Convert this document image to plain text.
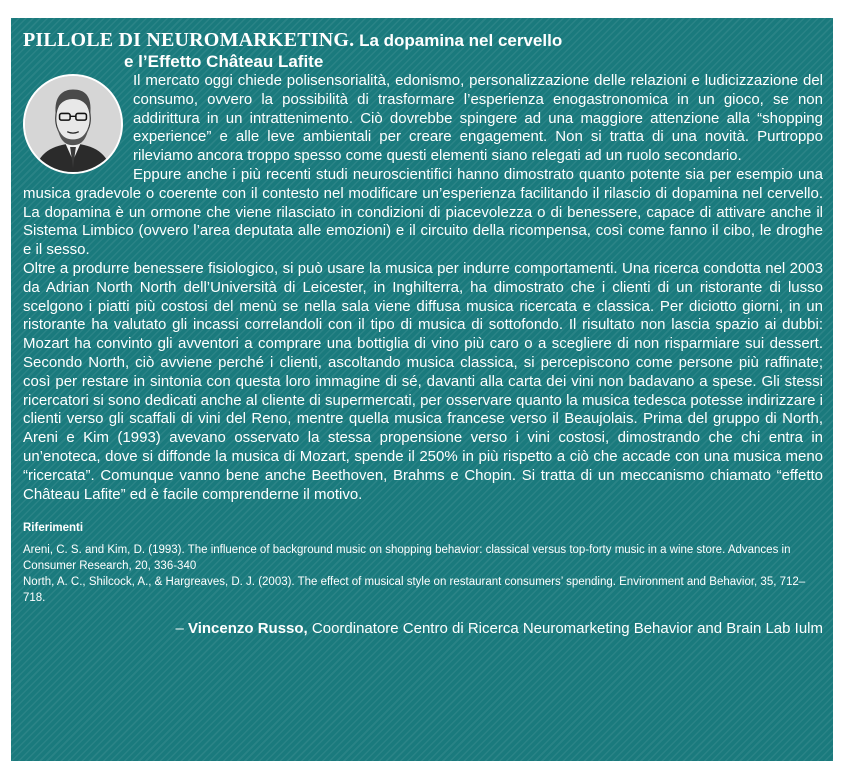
PILLOLE DI NEUROMARKETING. La dopamina nel cervello
e l’Effetto Château Lafite

Il mercato oggi chiede polisensorialità, edonismo, personalizzazione delle relazioni e ludicizzazione del consumo, ovvero la possibilità di trasformare l’esperienza enogastronomica in un gioco, se non addirittura in un intrattenimento. Ciò dovrebbe spingere ad una maggiore attenzione alla “shopping experience” e alle leve ambientali per creare engagement. Non si tratta di una novità. Purtroppo rileviamo ancora troppo spesso come questi elementi siano relegati ad un ruolo secondario.

Eppure anche i più recenti studi neuroscientifici hanno dimostrato quanto potente sia per esempio una musica gradevole o coerente con il contesto nel modificare un’esperienza facilitando il rilascio di dopamina nel cervello. La dopamina è un ormone che viene rilasciato in condizioni di piacevolezza o di benessere, capace di attivare anche il Sistema Limbico (ovvero l’area deputata alle emozioni) e il circuito della ricompensa, così come fanno il cibo, le droghe e il sesso.

Oltre a produrre benessere fisiologico, si può usare la musica per indurre comportamenti. Una ricerca condotta nel 2003 da Adrian North North dell’Università di Leicester, in Inghilterra, ha dimostrato che i clienti di un ristorante di lusso scelgono i piatti più costosi del menù se nella sala viene diffusa musica ricercata e classica. Per diciotto giorni, in un ristorante ha valutato gli incassi correlandoli con il tipo di musica di sottofondo. Il risultato non lascia spazio ai dubbi: Mozart ha convinto gli avventori a comprare una bottiglia di vino più caro o a scegliere di non risparmiare sui dessert. Secondo North, ciò avviene perché i clienti, ascoltando musica classica, si percepiscono come persone più raffinate; così per restare in sintonia con questa loro immagine di sé, davanti alla carta dei vini non badavano a spese. Gli stessi ricercatori si sono dedicati anche al cliente di supermercati, per osservare quanto la musica tedesca potesse indirizzare i clienti verso gli scaffali di vini del Reno, mentre quella musica francese verso il Beaujolais. Prima del gruppo di North, Areni e Kim (1993) avevano osservato la stessa propensione verso i vini costosi, dimostrando che chi entra in un’enoteca, dove si diffonde la musica di Mozart, spende il 250% in più rispetto a ciò che accade con una musica meno “ricercata”. Comunque vanno bene anche Beethoven, Brahms e Chopin. Si tratta di un meccanismo chiamato “effetto Château Lafite” ed è facile comprenderne il motivo.

Riferimenti

Areni, C. S. and Kim, D. (1993). The influence of background music on shopping behavior: classical versus top-forty music in a wine store. Advances in Consumer Research, 20, 336-340

North, A. C., Shilcock, A., & Hargreaves, D. J. (2003). The effect of musical style on restaurant consumers’ spending. Environment and Behavior, 35, 712–718.

– Vincenzo Russo, Coordinatore Centro di Ricerca Neuromarketing Behavior and Brain Lab Iulm
